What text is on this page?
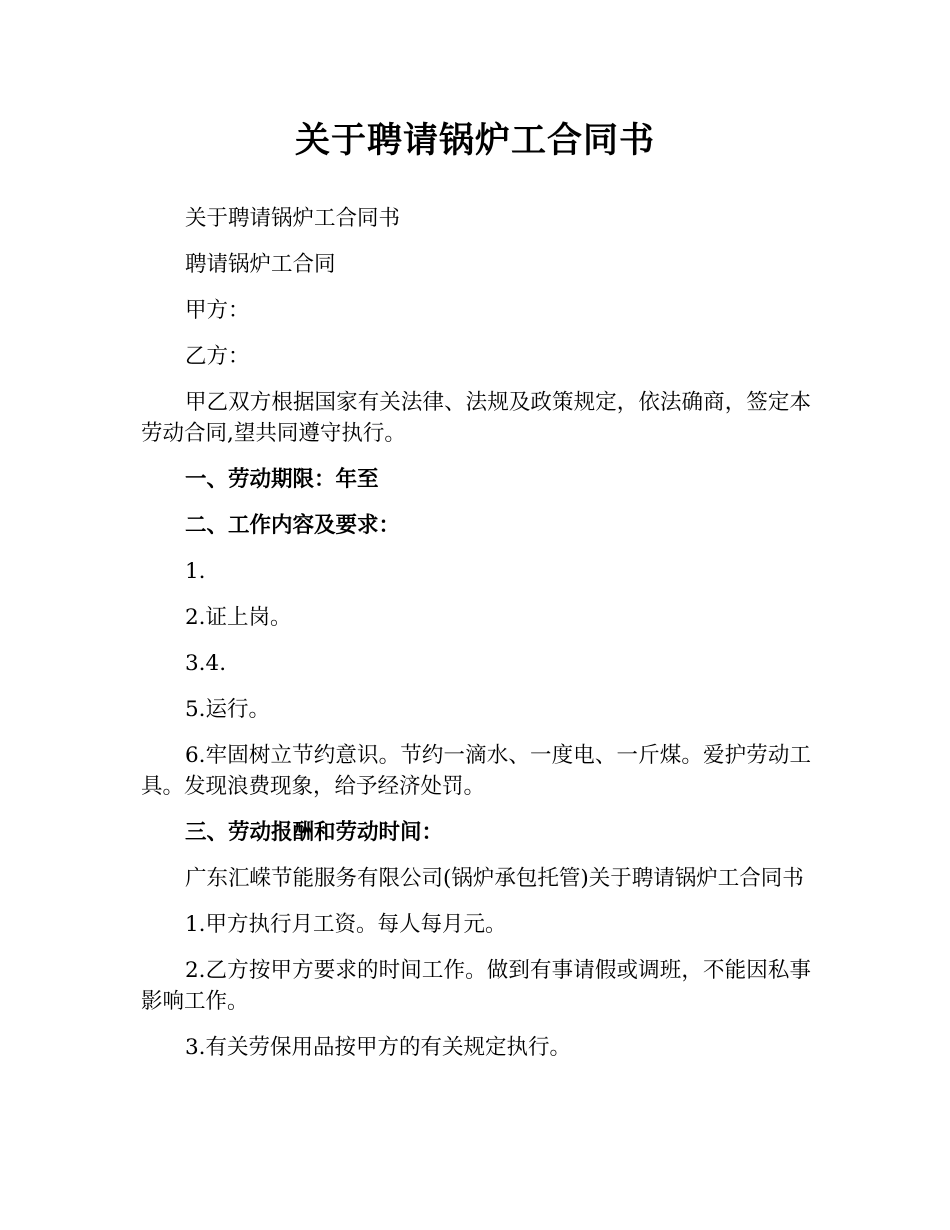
关于聘请锅炉工合同书

关于聘请锅炉工合同书

聘请锅炉工合同

甲方：

乙方：

甲乙双方根据国家有关法律、法规及政策规定，依法确商，签定本劳动合同,望共同遵守执行。

一、劳动期限：年至

二、工作内容及要求：

1.

2.证上岗。

3.4.

5.运行。

6.牢固树立节约意识。节约一滴水、一度电、一斤煤。爱护劳动工具。发现浪费现象，给予经济处罚。

三、劳动报酬和劳动时间：

广东汇嵘节能服务有限公司(锅炉承包托管)关于聘请锅炉工合同书

1.甲方执行月工资。每人每月元。

2.乙方按甲方要求的时间工作。做到有事请假或调班，不能因私事影响工作。

3.有关劳保用品按甲方的有关规定执行。
